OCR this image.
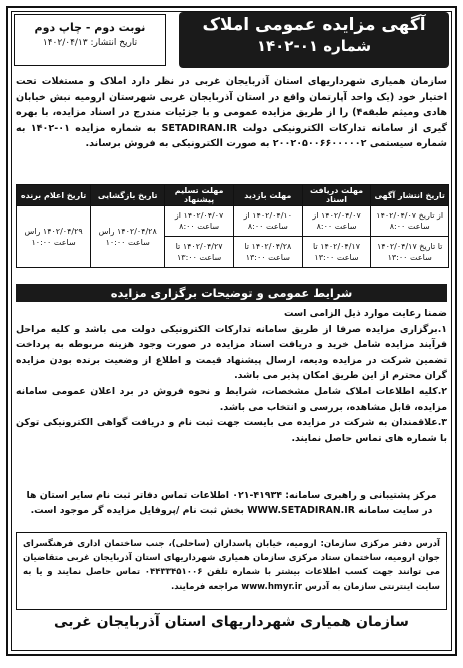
آگهی مزایده عمومی املاک
شماره ۰۱-۱۴۰۲
نوبت دوم - چاپ دوم
تاریخ انتشار: ۱۴۰۲/۰۴/۱۳
سازمان همیاری شهرداریهای استان آذربایجان غربی در نظر دارد املاک و مستغلات تحت اختیار خود (یک واحد آپارتمان واقع در استان آذربایجان غربی شهرستان ارومیه نبش خیابان هادی ومیثم طبقه۴) را از طریق مزایده عمومی و با جزئیات مندرج در اسناد مزایده، با بهره گیری از سامانه تدارکات الکترونیکی دولت SETADIRAN.IR به شماره مزایده ۰۱-۱۴۰۲ به شماره سیستمی ۲۰۰۲۰۵۰۰۶۶۰۰۰۰۰۲ به صورت الکترونیکی به فروش برساند.
تاریخ انتشار آگهی	مهلت دریافت اسناد	مهلت بازدید	مهلت تسلیم پیشنهاد	تاریخ بازگشایی	تاریخ اعلام برنده
از تاریخ ۱۴۰۲/۰۴/۰۷ ساعت ۸:۰۰	۱۴۰۲/۰۴/۰۷ از ساعت ۸:۰۰	۱۴۰۲/۰۴/۱۰ از ساعت ۸:۰۰	۱۴۰۲/۰۴/۰۷ از ساعت ۸:۰۰	۱۴۰۲/۰۴/۲۸ راس ساعت ۱۰:۰۰	۱۴۰۲/۰۴/۲۹ راس ساعت ۱۰:۰۰
تا تاریخ ۱۴۰۲/۰۴/۱۷ ساعت ۱۳:۰۰	۱۴۰۲/۰۴/۱۷ تا ساعت ۱۳:۰۰	۱۴۰۲/۰۴/۲۸ تا ساعت ۱۳:۰۰	۱۴۰۲/۰۴/۲۷ تا ساعت ۱۳:۰۰		
شرایط عمومی و توضیحات برگزاری مزایده
ضمنا رعایت موارد ذیل الزامی است
۱.برگزاری مزایده صرفا از طریق سامانه تدارکات الکترونیکی دولت می باشد و کلیه مراحل فرآیند مزایده شامل خرید و دریافت اسناد مزایده در صورت وجود هزینه مربوطه به پرداخت تضمین شرکت در مزایده ودیعه، ارسال پیشنهاد قیمت و اطلاع از وضعیت برنده بودن مزایده گران محترم از این طریق امکان پذیر می باشد.
۲.کلیه اطلاعات املاک شامل مشخصات، شرایط و نحوه فروش در برد اعلان عمومی سامانه مزایده، قابل مشاهده، بررسی و انتخاب می باشد.
۳.علاقمندان به شرکت در مزایده می بایست جهت ثبت نام و دریافت گواهی الکترونیکی توکن با شماره های تماس حاصل نمایند.
مرکز پشتیبانی و راهبری سامانه: ۴۱۹۳۴-۰۲۱ اطلاعات تماس دفاتر ثبت نام سایر استان ها
در سایت سامانه WWW.SETADIRAN.IR بخش ثبت نام /پروفایل مزایده گر موجود است.
آدرس دفتر مرکزی سازمان: ارومیه، خیابان پاسداران (ساحلی)، جنب ساختمان اداری فرهنگسرای جوان ارومیه، ساختمان ستاد مرکزی سازمان همیاری شهرداریهای استان آذربایجان غربی متقاضیان می توانند جهت کسب اطلاعات بیشتر با شماره تلفن ۰۴۴۳۳۴۵۱۰۰۶ تماس حاصل نمایند و یا به سایت اینترنتی سازمان به آدرس www.hmyr.ir مراجعه فرمایند.
سازمان همیاری شهرداریهای استان آذربایجان غربی
